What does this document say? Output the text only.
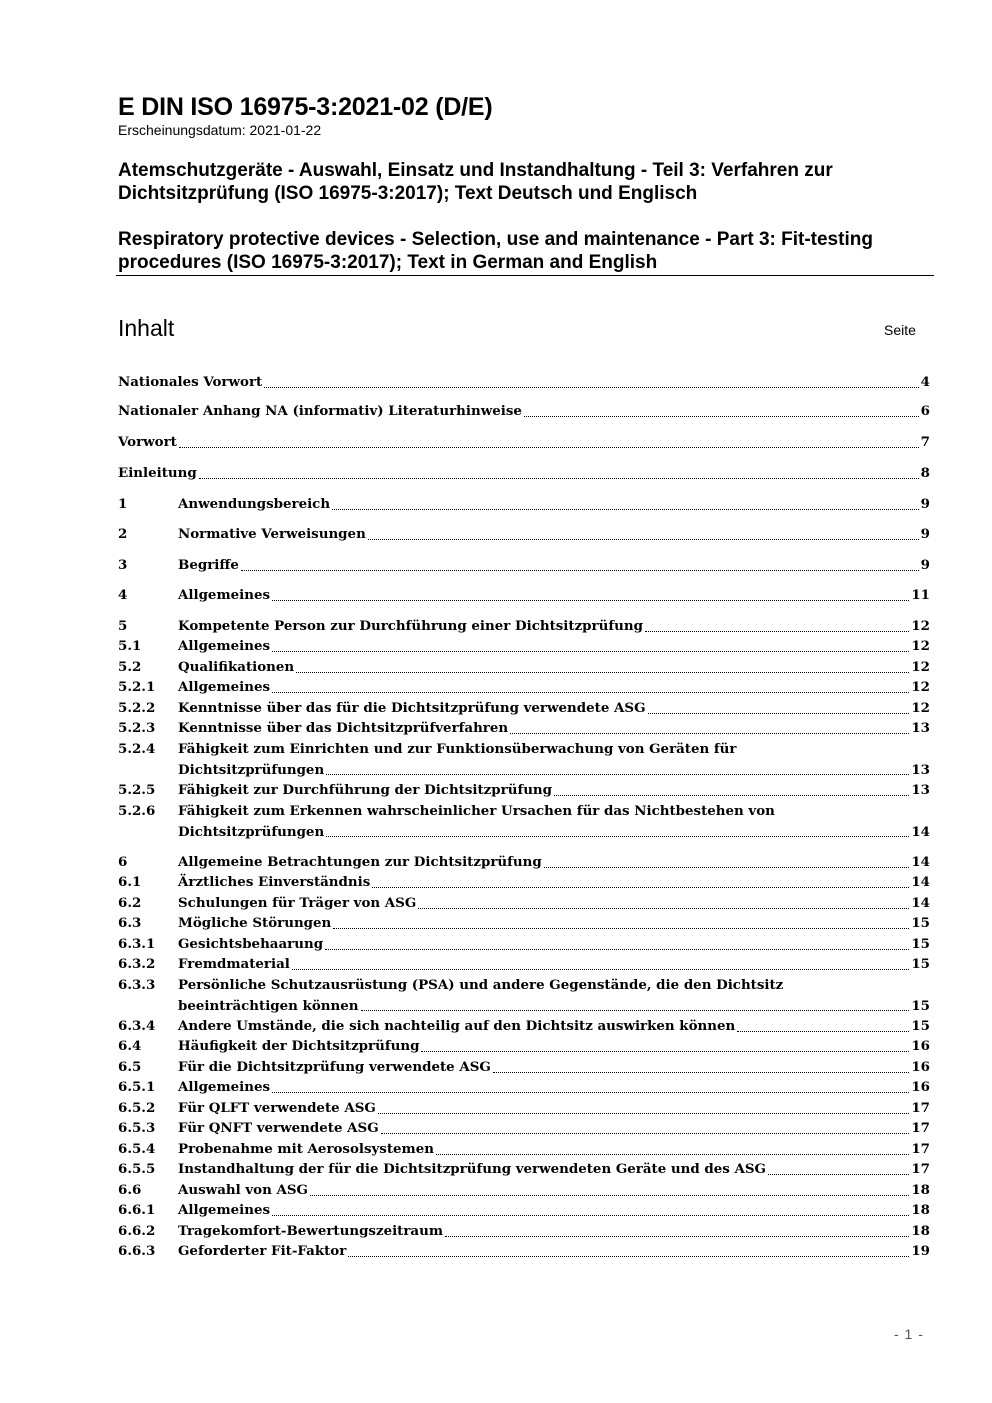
E DIN ISO 16975-3:2021-02 (D/E)
Erscheinungsdatum: 2021-01-22
Atemschutzgeräte - Auswahl, Einsatz und Instandhaltung - Teil 3: Verfahren zur Dichtsitzprüfung (ISO 16975-3:2017); Text Deutsch und Englisch
Respiratory protective devices - Selection, use and maintenance - Part 3: Fit-testing procedures (ISO 16975-3:2017); Text in German and English
Inhalt	Seite
Nationales Vorwort	4
Nationaler Anhang NA (informativ) Literaturhinweise	6
Vorwort	7
Einleitung	8
1	Anwendungsbereich	9
2	Normative Verweisungen	9
3	Begriffe	9
4	Allgemeines	11
5	Kompetente Person zur Durchführung einer Dichtsitzprüfung	12
5.1	Allgemeines	12
5.2	Qualifikationen	12
5.2.1 Allgemeines	12
5.2.2 Kenntnisse über das für die Dichtsitzprüfung verwendete ASG	12
5.2.3 Kenntnisse über das Dichtsitzprüfverfahren	13
5.2.4 Fähigkeit zum Einrichten und zur Funktionsüberwachung von Geräten für
Dichtsitzprüfungen	13
5.2.5 Fähigkeit zur Durchführung der Dichtsitzprüfung	13
5.2.6 Fähigkeit zum Erkennen wahrscheinlicher Ursachen für das Nichtbestehen von
Dichtsitzprüfungen	14
6	Allgemeine Betrachtungen zur Dichtsitzprüfung	14
6.1	Ärztliches Einverständnis	14
6.2	Schulungen für Träger von ASG	14
6.3	Mögliche Störungen	15
6.3.1 Gesichtsbehaarung	15
6.3.2 Fremdmaterial	15
6.3.3 Persönliche Schutzausrüstung (PSA) und andere Gegenstände, die den Dichtsitz
beeinträchtigen können	15
6.3.4 Andere Umstände, die sich nachteilig auf den Dichtsitz auswirken können	15
6.4	Häufigkeit der Dichtsitzprüfung	16
6.5	Für die Dichtsitzprüfung verwendete ASG	16
6.5.1 Allgemeines	16
6.5.2 Für QLFT verwendete ASG	17
6.5.3 Für QNFT verwendete ASG	17
6.5.4 Probenahme mit Aerosolsystemen	17
6.5.5 Instandhaltung der für die Dichtsitzprüfung verwendeten Geräte und des ASG	17
6.6	Auswahl von ASG	18
6.6.1 Allgemeines	18
6.6.2 Tragekomfort-Bewertungszeitraum	18
6.6.3 Geforderter Fit-Faktor	19
- 1 -
